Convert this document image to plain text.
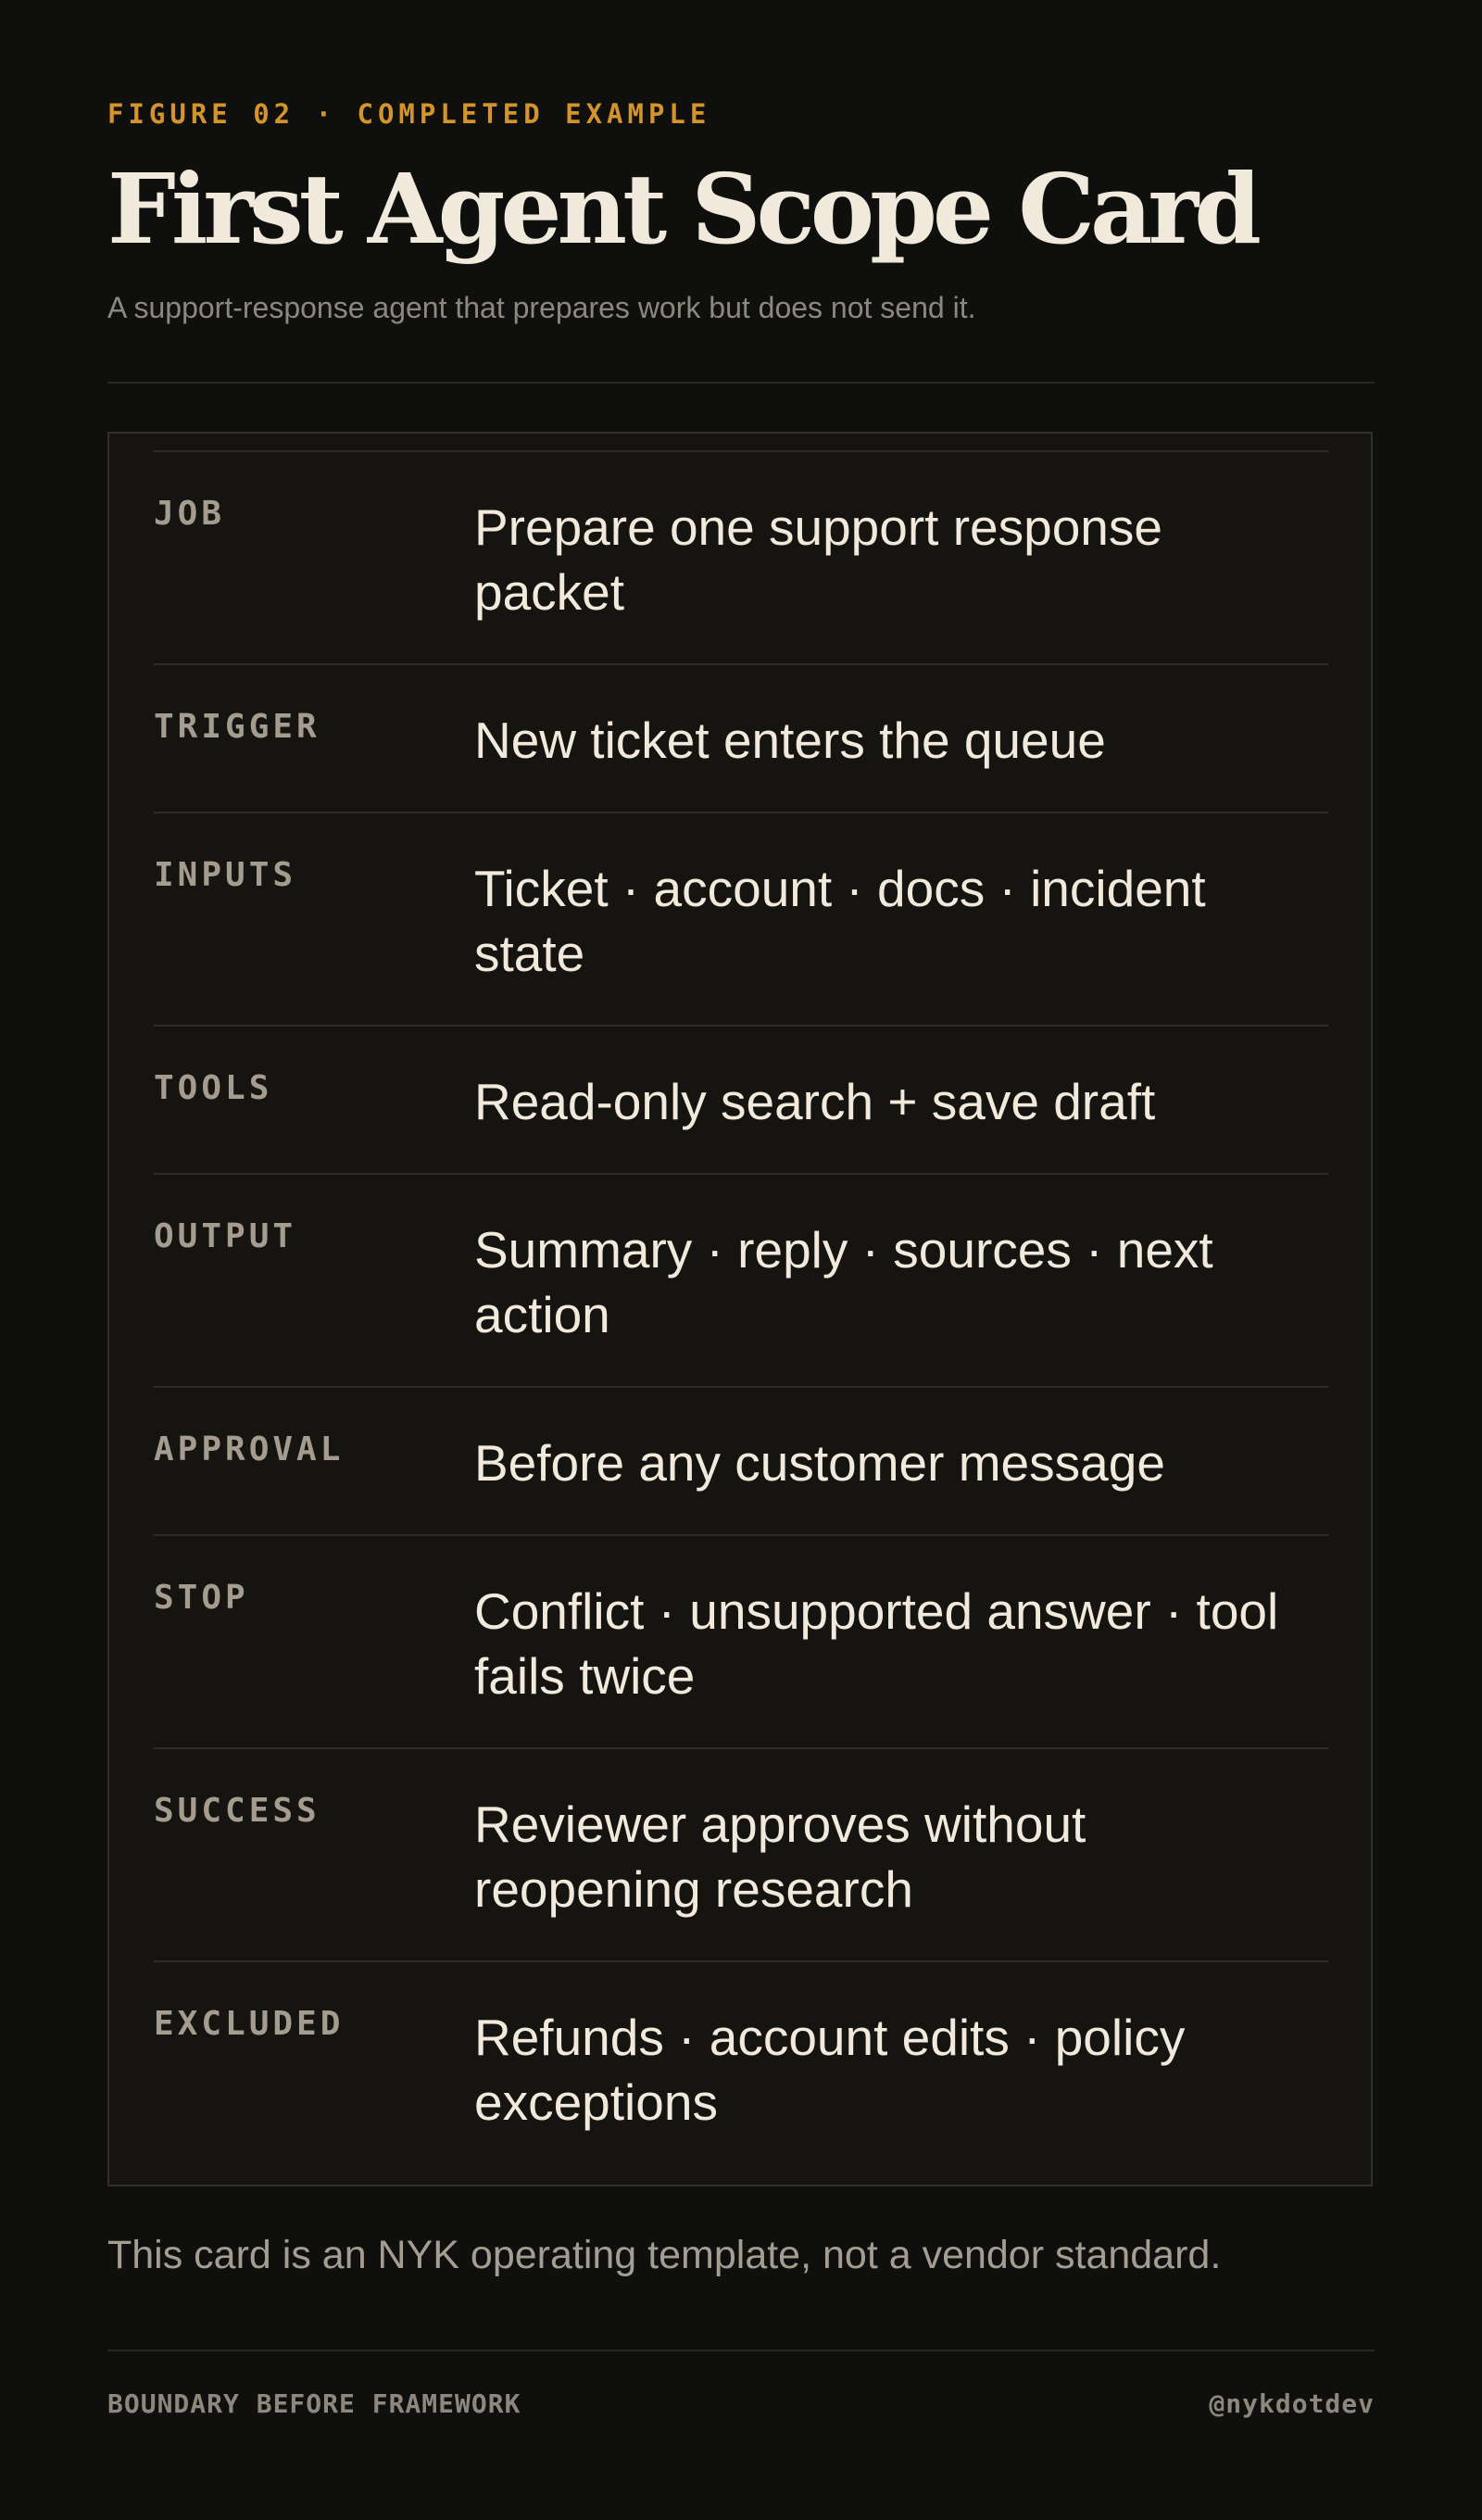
FIGURE 02 · COMPLETED EXAMPLE
First Agent Scope Card
A support-response agent that prepares work but does not send it.
JOB	Prepare one support response packet
TRIGGER	New ticket enters the queue
INPUTS	Ticket · account · docs · incident state
TOOLS	Read-only search + save draft
OUTPUT	Summary · reply · sources · next action
APPROVAL	Before any customer message
STOP	Conflict · unsupported answer · tool fails twice
SUCCESS	Reviewer approves without reopening research
EXCLUDED	Refunds · account edits · policy exceptions
This card is an NYK operating template, not a vendor standard.
BOUNDARY BEFORE FRAMEWORK	@nykdotdev
